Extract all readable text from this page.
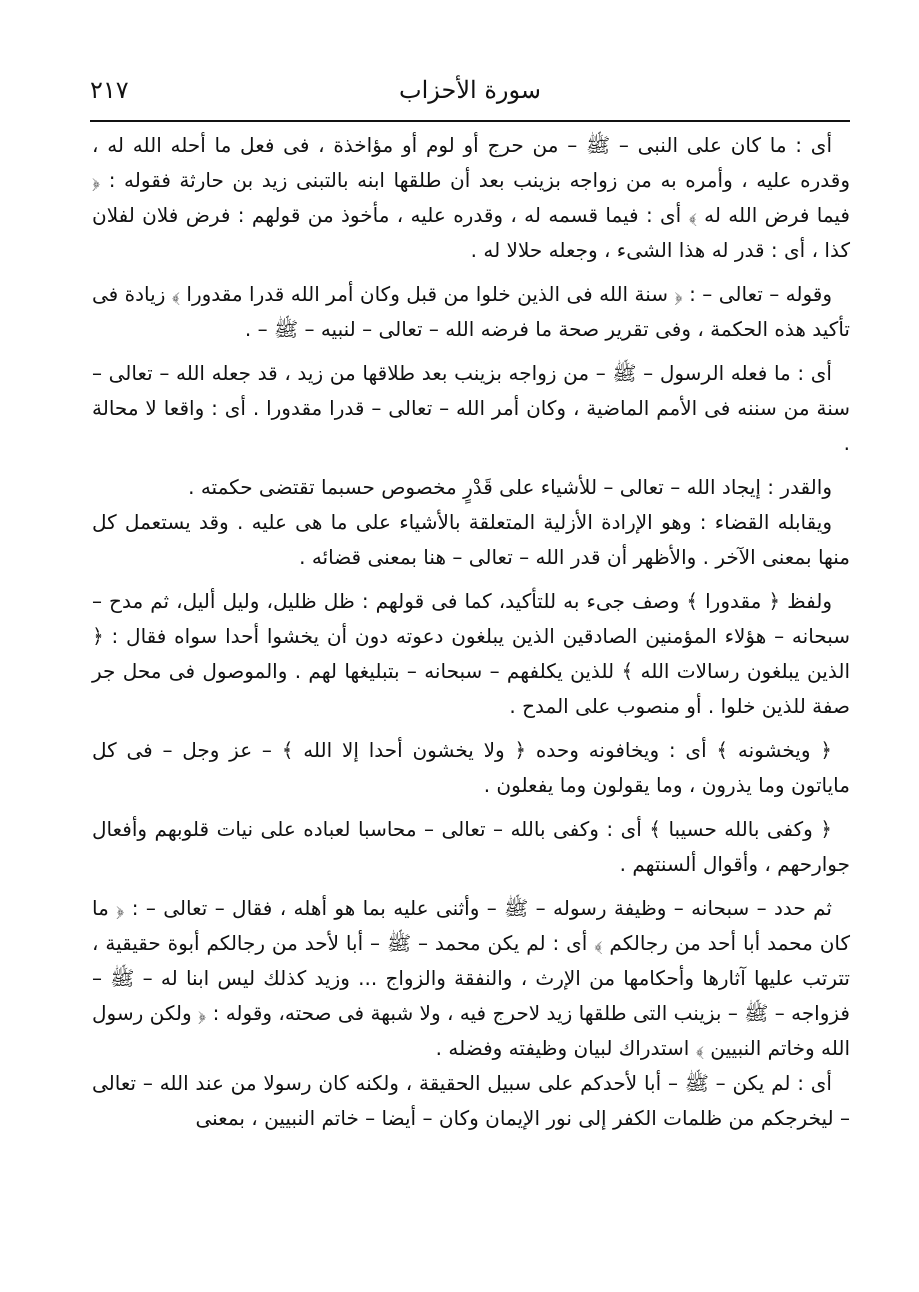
٢١٧	سورة الأحزاب

أى : ما كان على النبى – ﷺ – من حرج أو لوم أو مؤاخذة ، فى فعل ما أحله الله له ، وقدره عليه ، وأمره به من زواجه بزينب بعد أن طلقها ابنه بالتبنى زيد بن حارثة فقوله : ﴿ فيما فرض الله له ﴾ أى : فيما قسمه له ، وقدره عليه ، مأخوذ من قولهم : فرض فلان لفلان كذا ، أى : قدر له هذا الشىء ، وجعله حلالا له .

وقوله – تعالى – : ﴿ سنة الله فى الذين خلوا من قبل وكان أمر الله قدرا مقدورا ﴾ زيادة فى تأكيد هذه الحكمة ، وفى تقرير صحة ما فرضه الله – تعالى – لنبيه – ﷺ – .

أى : ما فعله الرسول – ﷺ – من زواجه بزينب بعد طلاقها من زيد ، قد جعله الله – تعالى – سنة من سننه فى الأمم الماضية ، وكان أمر الله – تعالى – قدرا مقدورا . أى : واقعا لا محالة .

والقدر : إيجاد الله – تعالى – للأشياء على قَدْرٍ مخصوص حسبما تقتضى حكمته .

ويقابله القضاء : وهو الإرادة الأزلية المتعلقة بالأشياء على ما هى عليه . وقد يستعمل كل منها بمعنى الآخر . والأظهر أن قدر الله – تعالى – هنا بمعنى قضائه .

ولفظ ﴿ مقدورا ﴾ وصف جىء به للتأكيد، كما فى قولهم : ظل ظليل، وليل أليل، ثم مدح – سبحانه – هؤلاء المؤمنين الصادقين الذين يبلغون دعوته دون أن يخشوا أحدا سواه فقال : ﴿ الذين يبلغون رسالات الله ﴾ للذين يكلفهم – سبحانه – بتبليغها لهم . والموصول فى محل جر صفة للذين خلوا . أو منصوب على المدح .

﴿ ويخشونه ﴾ أى : ويخافونه وحده ﴿ ولا يخشون أحدا إلا الله ﴾ – عز وجل – فى كل ماياتون وما يذرون ، وما يقولون وما يفعلون .

﴿ وكفى بالله حسيبا ﴾ أى : وكفى بالله – تعالى – محاسبا لعباده على نيات قلوبهم وأفعال جوارحهم ، وأقوال ألسنتهم .

ثم حدد – سبحانه – وظيفة رسوله – ﷺ – وأثنى عليه بما هو أهله ، فقال – تعالى – : ﴿ ما كان محمد أبا أحد من رجالكم ﴾ أى : لم يكن محمد – ﷺ – أبا لأحد من رجالكم أبوة حقيقية ، تترتب عليها آثارها وأحكامها من الإرث ، والنفقة والزواج ... وزيد كذلك ليس ابنا له – ﷺ – فزواجه – ﷺ – بزينب التى طلقها زيد لاحرج فيه ، ولا شبهة فى صحته، وقوله : ﴿ ولكن رسول الله وخاتم النبيين ﴾ استدراك لبيان وظيفته وفضله .

أى : لم يكن – ﷺ – أبا لأحدكم على سبيل الحقيقة ، ولكنه كان رسولا من عند الله – تعالى – ليخرجكم من ظلمات الكفر إلى نور الإيمان وكان – أيضا – خاتم النبيين ، بمعنى
